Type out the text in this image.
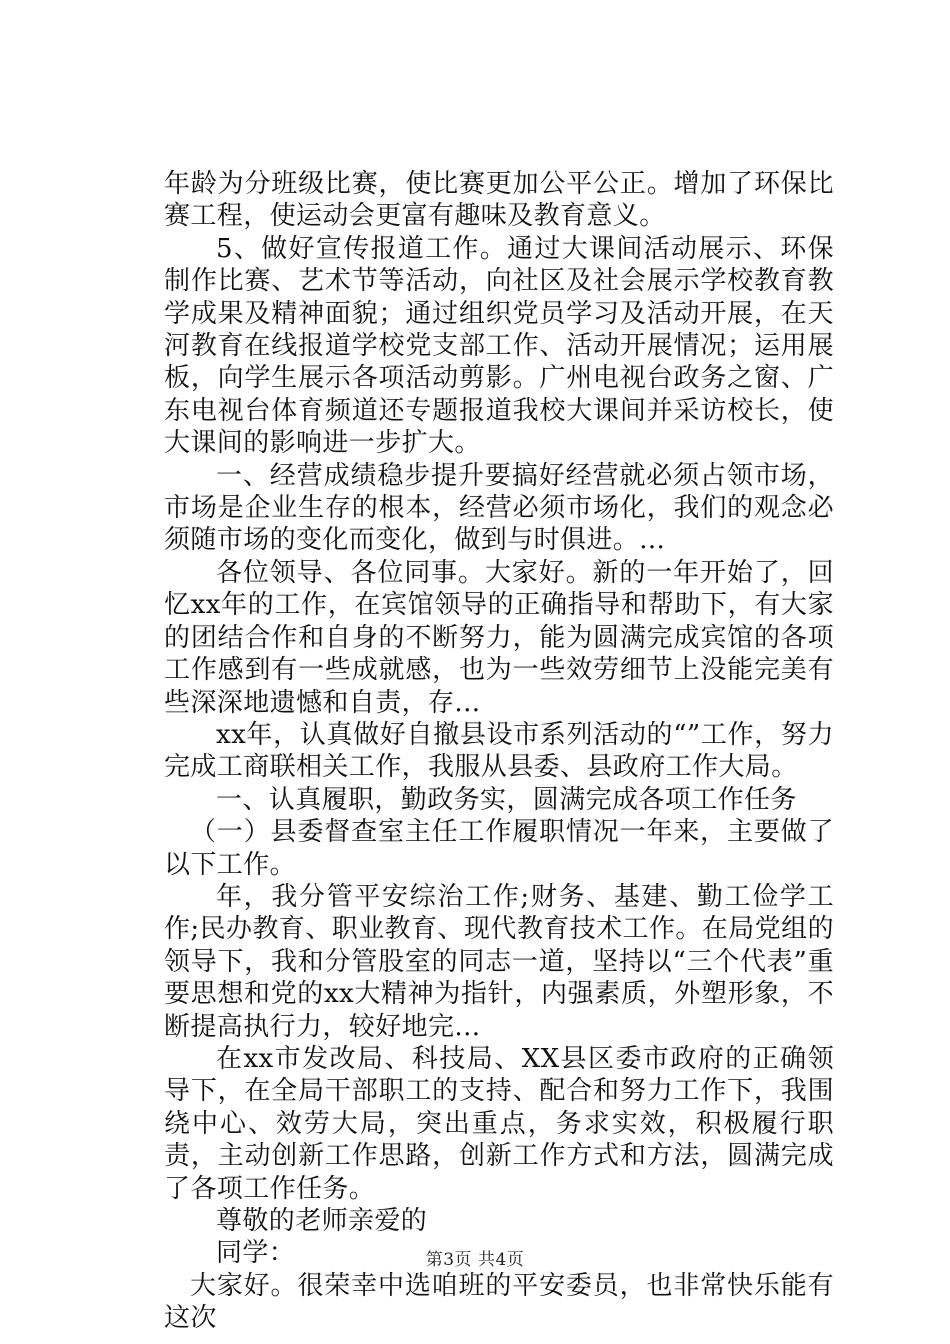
年龄为分班级比赛，使比赛更加公平公正。增加了环保比赛工程，使运动会更富有趣味及教育意义。

5、做好宣传报道工作。通过大课间活动展示、环保制作比赛、艺术节等活动，向社区及社会展示学校教育教学成果及精神面貌；通过组织党员学习及活动开展，在天河教育在线报道学校党支部工作、活动开展情况；运用展板，向学生展示各项活动剪影。广州电视台政务之窗、广东电视台体育频道还专题报道我校大课间并采访校长，使大课间的影响进一步扩大。

一、经营成绩稳步提升要搞好经营就必须占领市场，市场是企业生存的根本，经营必须市场化，我们的观念必须随市场的变化而变化，做到与时俱进。...

各位领导、各位同事。大家好。新的一年开始了，回忆xx年的工作，在宾馆领导的正确指导和帮助下，有大家的团结合作和自身的不断努力，能为圆满完成宾馆的各项工作感到有一些成就感，也为一些效劳细节上没能完美有些深深地遗憾和自责，存...

xx年，认真做好自撤县设市系列活动的“”工作，努力完成工商联相关工作，我服从县委、县政府工作大局。

一、认真履职，勤政务实，圆满完成各项工作任务

（一）县委督查室主任工作履职情况一年来，主要做了以下工作。

年，我分管平安综治工作;财务、基建、勤工俭学工作;民办教育、职业教育、现代教育技术工作。在局党组的领导下，我和分管股室的同志一道，坚持以“三个代表”重要思想和党的xx大精神为指针，内强素质，外塑形象，不断提高执行力，较好地完...

在xx市发改局、科技局、XX县区委市政府的正确领导下，在全局干部职工的支持、配合和努力工作下，我围绕中心、效劳大局，突出重点，务求实效，积极履行职责，主动创新工作思路，创新工作方式和方法，圆满完成了各项工作任务。

尊敬的老师亲爱的

同学：

大家好。很荣幸中选咱班的平安委员，也非常快乐能有这次

第3页 共4页
